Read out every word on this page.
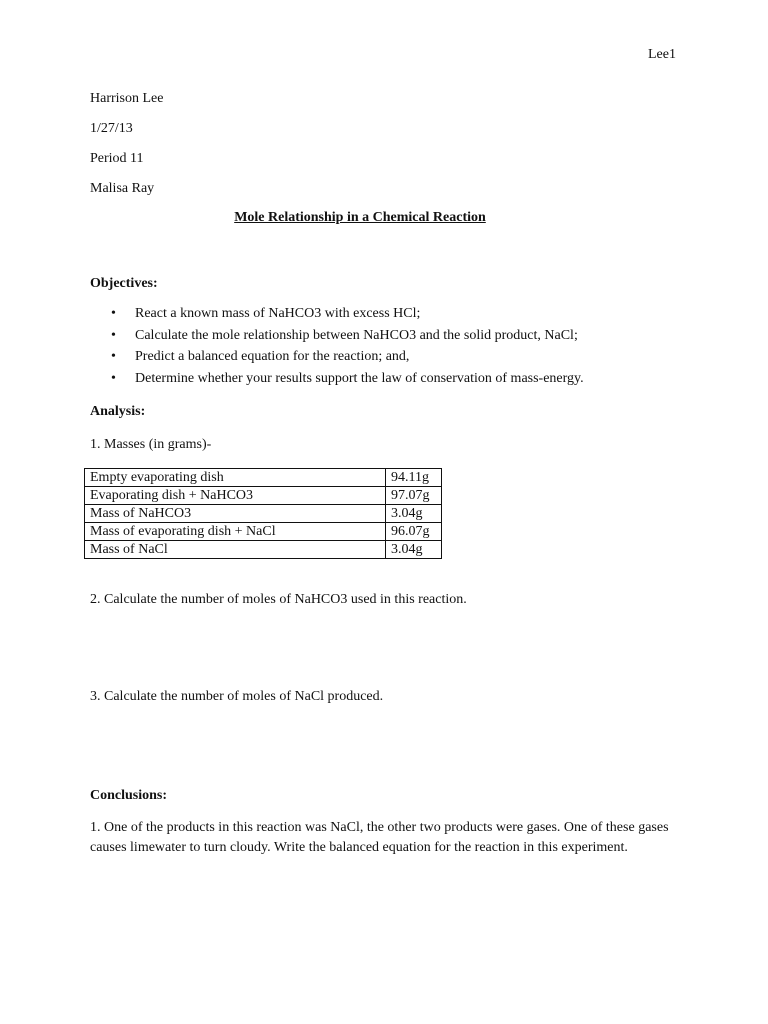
Lee1
Harrison Lee
1/27/13
Period 11
Malisa Ray
Mole Relationship in a Chemical Reaction
Objectives:
• React a known mass of NaHCO3 with excess HCl;
• Calculate the mole relationship between NaHCO3 and the solid product, NaCl;
• Predict a balanced equation for the reaction; and,
• Determine whether your results support the law of conservation of mass-energy.
Analysis:
1. Masses (in grams)-
Empty evaporating dish	94.11g
Evaporating dish + NaHCO3	97.07g
Mass of NaHCO3	3.04g
Mass of evaporating dish + NaCl	96.07g
Mass of NaCl	3.04g
2. Calculate the number of moles of NaHCO3 used in this reaction.
3. Calculate the number of moles of NaCl produced.
Conclusions:
1. One of the products in this reaction was NaCl, the other two products were gases. One of these gases causes limewater to turn cloudy. Write the balanced equation for the reaction in this experiment.
